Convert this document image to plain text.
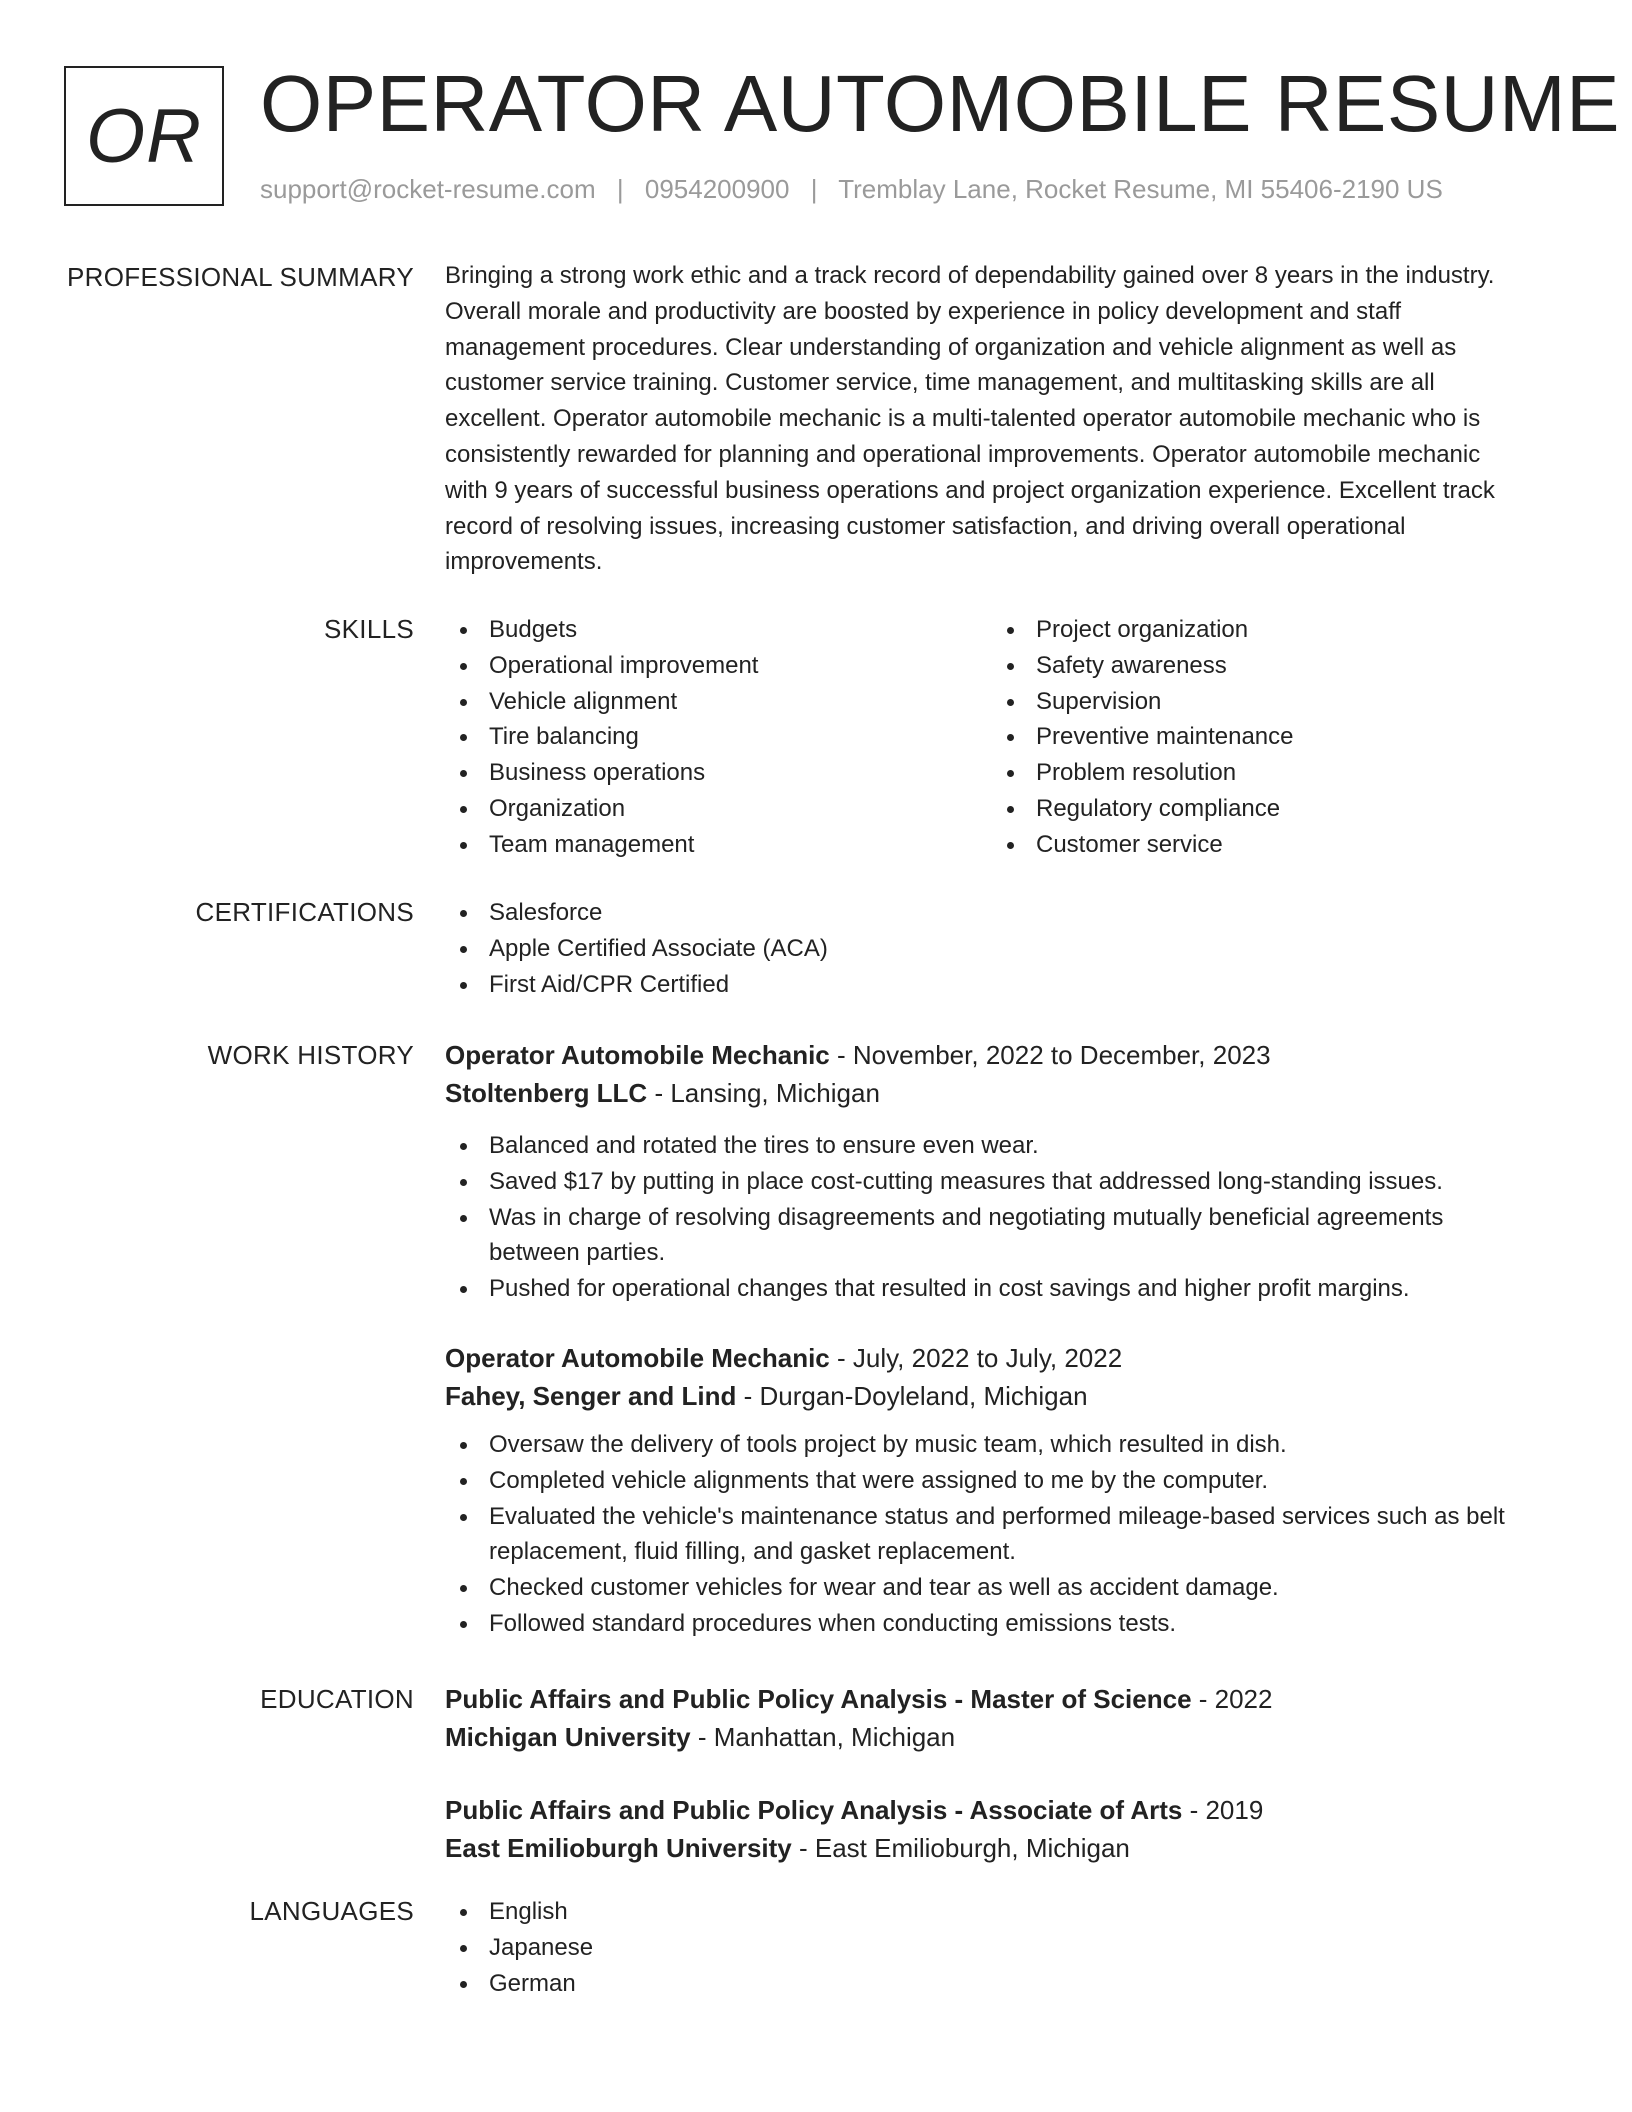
OR OPERATOR AUTOMOBILE RESUME
support@rocket-resume.com | 0954200900 | Tremblay Lane, Rocket Resume, MI 55406-2190 US
PROFESSIONAL SUMMARY Bringing a strong work ethic and a track record of dependability gained over 8 years in the industry.

Overall morale and productivity are boosted by experience in policy development and staff

management procedures. Clear understanding of organization and vehicle alignment as well as

customer service training. Customer service, time management, and multitasking skills are all

excellent. Operator automobile mechanic is a multi-talented operator automobile mechanic who is

consistently rewarded for planning and operational improvements. Operator automobile mechanic

with 9 years of successful business operations and project organization experience. Excellent track

record of resolving issues, increasing customer satisfaction, and driving overall operational

improvements.

SKILLS	Budgets
Operational improvement
Vehicle alignment
Tire balancing
Business operations
Organization
Team management
Project organization
Safety awareness
Supervision
Preventive maintenance
Problem resolution
Regulatory compliance
Customer service
CERTIFICATIONS	Salesforce
Apple Certified Associate (ACA)
First Aid/CPR Certified
WORK HISTORY Operator Automobile Mechanic - November, 2022 to December, 2023
Stoltenberg LLC - Lansing, Michigan
Balanced and rotated the tires to ensure even wear.
Saved $17 by putting in place cost-cutting measures that addressed long-standing issues.
Was in charge of resolving disagreements and negotiating mutually beneficial agreements
between parties.
Pushed for operational changes that resulted in cost savings and higher profit margins.
Operator Automobile Mechanic - July, 2022 to July, 2022
Fahey, Senger and Lind - Durgan-Doyleland, Michigan
Oversaw the delivery of tools project by music team, which resulted in dish.
Completed vehicle alignments that were assigned to me by the computer.
Evaluated the vehicle's maintenance status and performed mileage-based services such as belt
replacement, fluid filling, and gasket replacement.
Checked customer vehicles for wear and tear as well as accident damage.
Followed standard procedures when conducting emissions tests.
EDUCATION Public Affairs and Public Policy Analysis - Master of Science - 2022
Michigan University - Manhattan, Michigan
Public Affairs and Public Policy Analysis - Associate of Arts - 2019
East Emilioburgh University - East Emilioburgh, Michigan
LANGUAGES	English
Japanese
German
